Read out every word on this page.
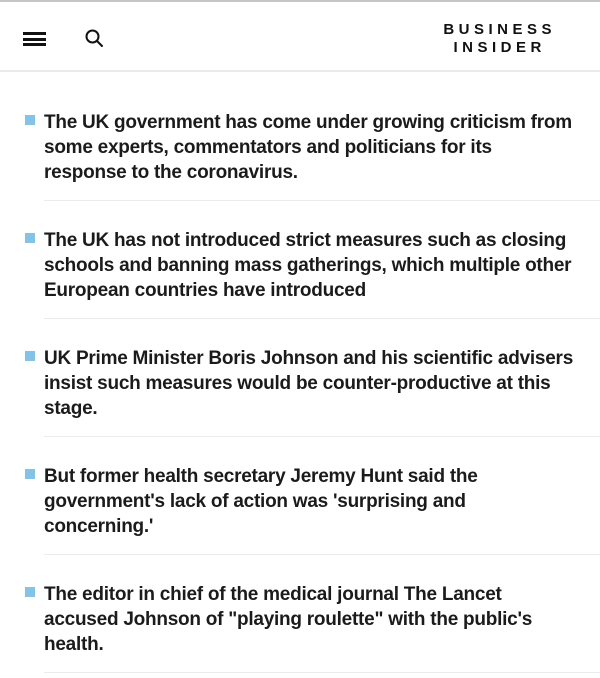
BUSINESS
INSIDER

The UK government has come under growing criticism from some experts, commentators and politicians for its response to the coronavirus.

The UK has not introduced strict measures such as closing schools and banning mass gatherings, which multiple other European countries have introduced

UK Prime Minister Boris Johnson and his scientific advisers insist such measures would be counter-productive at this stage.

But former health secretary Jeremy Hunt said the government's lack of action was 'surprising and concerning.'

The editor in chief of the medical journal The Lancet accused Johnson of "playing roulette" with the public's health.
